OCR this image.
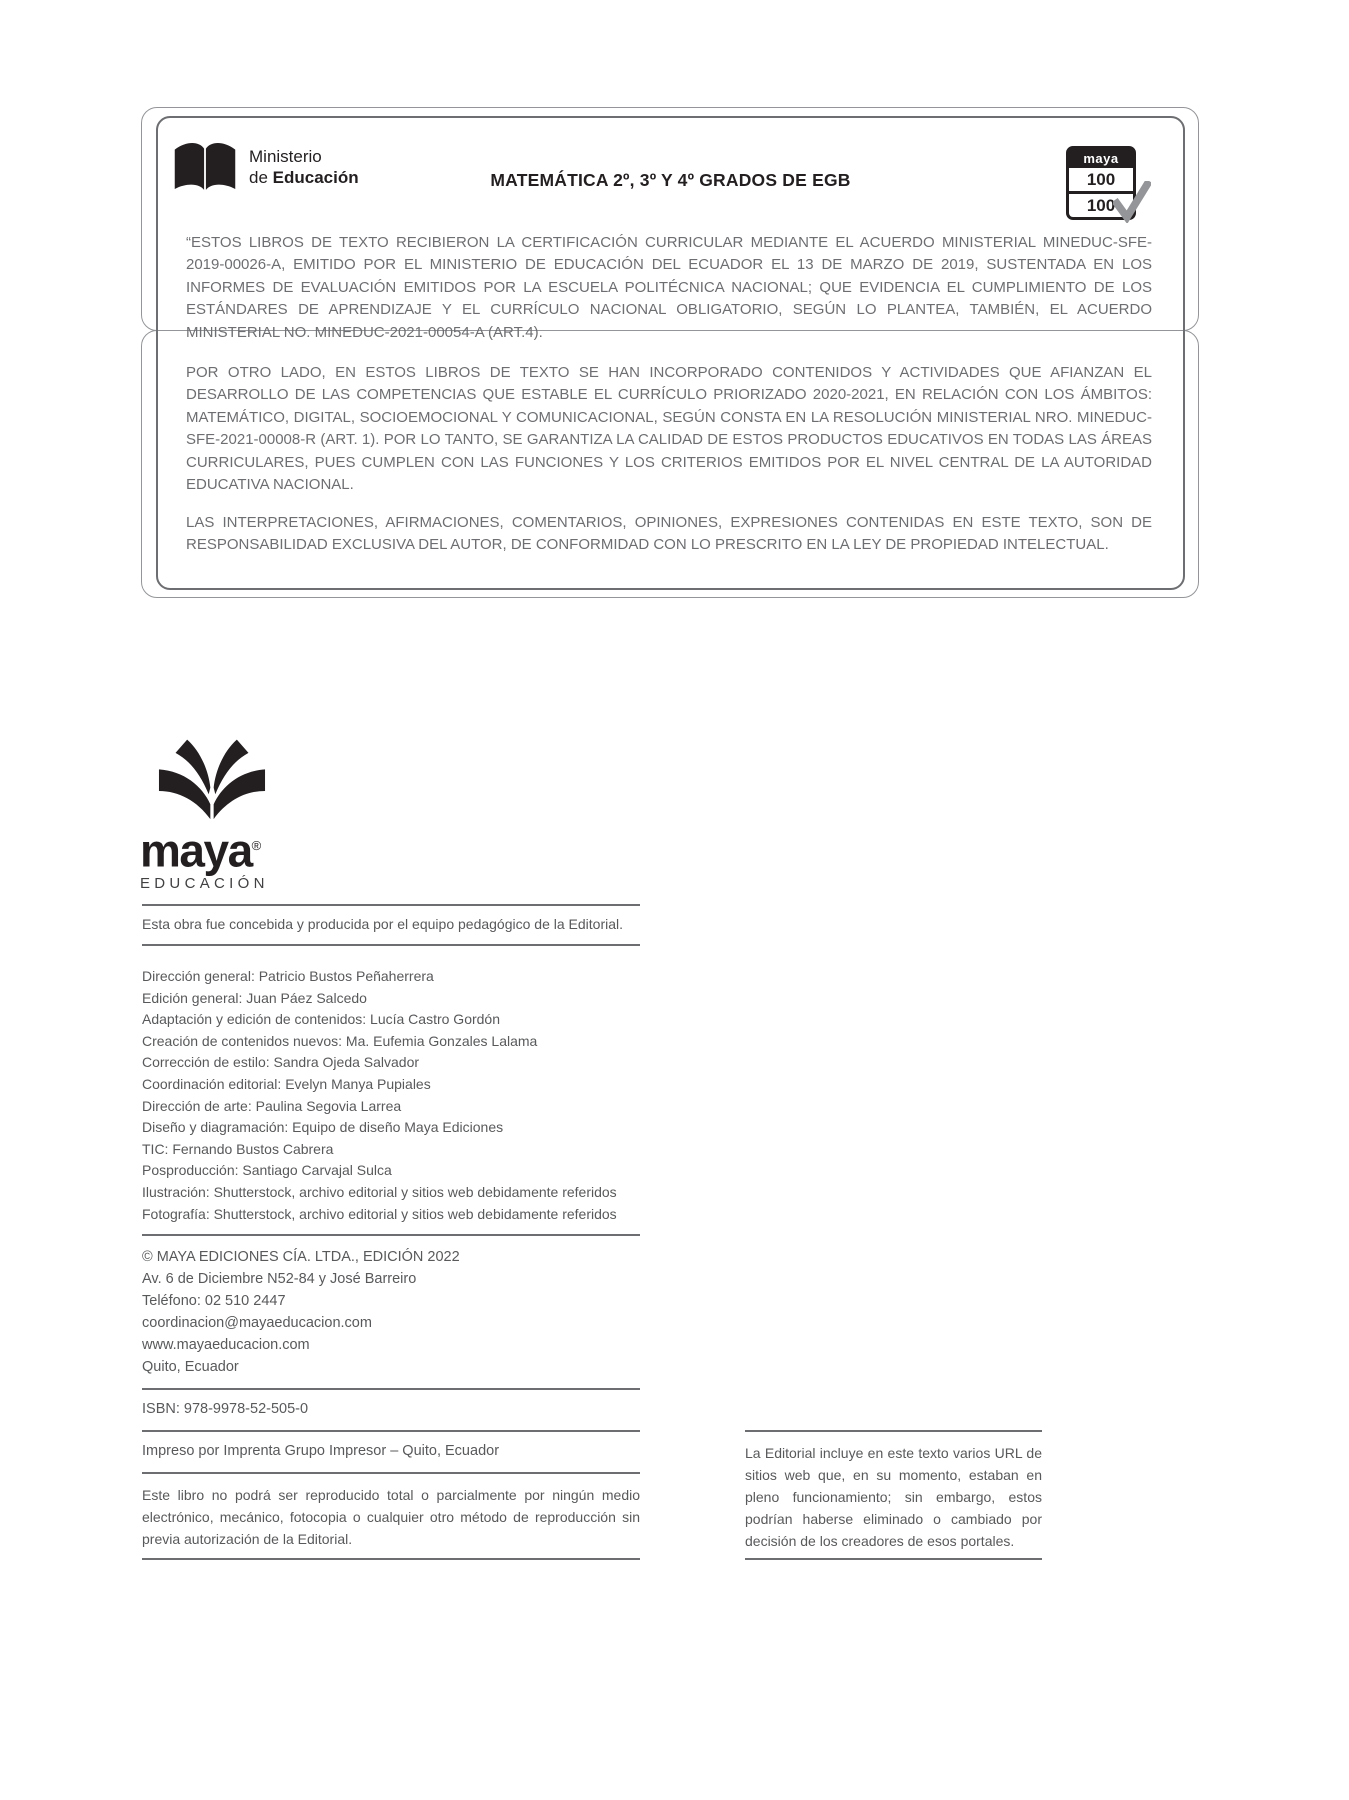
Ministerio
de Educación	MATEMÁTICA 2º, 3º Y 4º GRADOS DE EGB
maya
100
100

“ESTOS LIBROS DE TEXTO RECIBIERON LA CERTIFICACIÓN CURRICULAR MEDIANTE EL ACUERDO MINISTERIAL MINEDUC-SFE-2019-00026-A, EMITIDO POR EL MINISTERIO DE EDUCACIÓN DEL ECUADOR EL 13 DE MARZO DE 2019, SUSTENTADA EN LOS INFORMES DE EVALUACIÓN EMITIDOS POR LA ESCUELA POLITÉCNICA NACIONAL; QUE EVIDENCIA EL CUMPLIMIENTO DE LOS ESTÁNDARES DE APRENDIZAJE Y EL CURRÍCULO NACIONAL OBLIGATORIO, SEGÚN LO PLANTEA, TAMBIÉN, EL ACUERDO MINISTERIAL NO. MINEDUC-2021-00054-A (ART.4).

POR OTRO LADO, EN ESTOS LIBROS DE TEXTO SE HAN INCORPORADO CONTENIDOS Y ACTIVIDADES QUE AFIANZAN EL DESARROLLO DE LAS COMPETENCIAS QUE ESTABLE EL CURRÍCULO PRIORIZADO 2020-2021, EN RELACIÓN CON LOS ÁMBITOS: MATEMÁTICO, DIGITAL, SOCIOEMOCIONAL Y COMUNICACIONAL, SEGÚN CONSTA EN LA RESOLUCIÓN MINISTERIAL NRO. MINEDUC-SFE-2021-00008-R (ART. 1). POR LO TANTO, SE GARANTIZA LA CALIDAD DE ESTOS PRODUCTOS EDUCATIVOS EN TODAS LAS ÁREAS CURRICULARES, PUES CUMPLEN CON LAS FUNCIONES Y LOS CRITERIOS EMITIDOS POR EL NIVEL CENTRAL DE LA AUTORIDAD EDUCATIVA NACIONAL.

LAS INTERPRETACIONES, AFIRMACIONES, COMENTARIOS, OPINIONES, EXPRESIONES CONTENIDAS EN ESTE TEXTO, SON DE RESPONSABILIDAD EXCLUSIVA DEL AUTOR, DE CONFORMIDAD CON LO PRESCRITO EN LA LEY DE PROPIEDAD INTELECTUAL.

maya®
EDUCACIÓN
Esta obra fue concebida y producida por el equipo pedagógico de la Editorial.
Dirección general: Patricio Bustos Peñaherrera
Edición general: Juan Páez Salcedo
Adaptación y edición de contenidos: Lucía Castro Gordón
Creación de contenidos nuevos: Ma. Eufemia Gonzales Lalama
Corrección de estilo: Sandra Ojeda Salvador
Coordinación editorial: Evelyn Manya Pupiales
Dirección de arte: Paulina Segovia Larrea
Diseño y diagramación: Equipo de diseño Maya Ediciones
TIC: Fernando Bustos Cabrera
Posproducción: Santiago Carvajal Sulca
Ilustración: Shutterstock, archivo editorial y sitios web debidamente referidos
Fotografía: Shutterstock, archivo editorial y sitios web debidamente referidos
© MAYA EDICIONES CÍA. LTDA., EDICIÓN 2022
Av. 6 de Diciembre N52-84 y José Barreiro
Teléfono: 02 510 2447
coordinacion@mayaeducacion.com
www.mayaeducacion.com
Quito, Ecuador
ISBN: 978-9978-52-505-0
Impreso por Imprenta Grupo Impresor – Quito, Ecuador
Este libro no podrá ser reproducido total o parcialmente por ningún medio electrónico, mecánico, fotocopia o cualquier otro método de reproducción sin previa autorización de la Editorial.
La Editorial incluye en este texto varios URL de sitios web que, en su momento, estaban en pleno funcionamiento; sin embargo, estos podrían haberse eliminado o cambiado por decisión de los creadores de esos portales.
